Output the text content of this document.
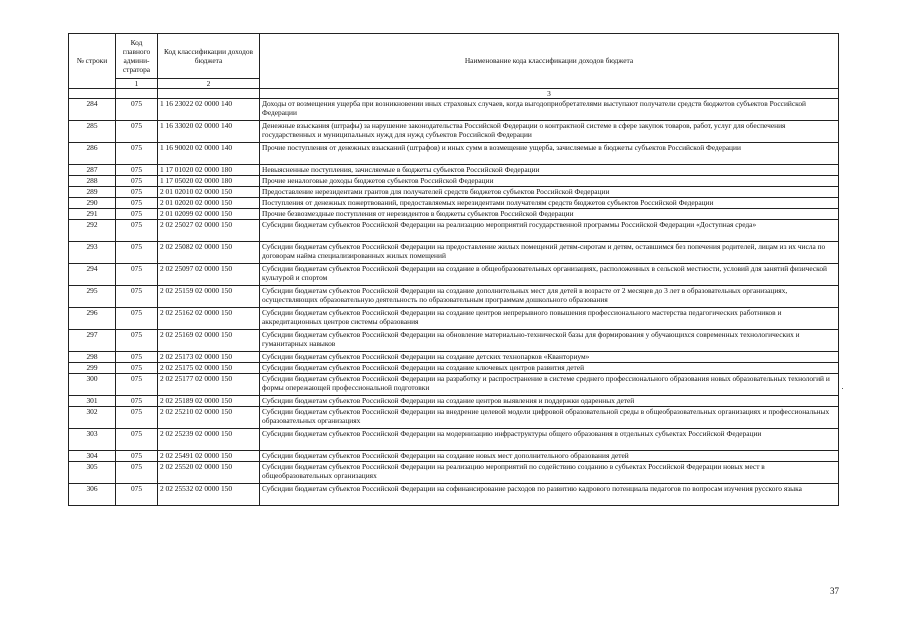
№ строки	Код главного админи-стратора	Код классификации доходов бюджета	Наименование кода классификации доходов бюджета
	1	2	
			3
284	075	1 16 23022 02 0000 140	Доходы от возмещения ущерба при возникновении иных страховых случаев, когда выгодоприобретателями выступают получатели средств бюджетов субъектов Российской Федерации
285	075	1 16 33020 02 0000 140	Денежные взыскания (штрафы) за нарушение законодательства Российской Федерации о контрактной системе в сфере закупок товаров, работ, услуг для обеспечения государственных и муниципальных нужд для нужд субъектов Российской Федерации
286	075	1 16 90020 02 0000 140	Прочие поступления от денежных взысканий (штрафов) и иных сумм в возмещение ущерба, зачисляемые в бюджеты субъектов Российской Федерации
287	075	1 17 01020 02 0000 180	Невыясненные поступления, зачисляемые в бюджеты субъектов Российской Федерации
288	075	1 17 05020 02 0000 180	Прочие неналоговые доходы бюджетов субъектов Российской Федерации
289	075	2 01 02010 02 0000 150	Предоставление нерезидентами грантов для получателей средств бюджетов субъектов Российской Федерации
290	075	2 01 02020 02 0000 150	Поступления от денежных пожертвований, предоставляемых нерезидентами получателям средств бюджетов субъектов Российской Федерации
291	075	2 01 02099 02 0000 150	Прочие безвозмездные поступления от нерезидентов в бюджеты субъектов Российской Федерации
292	075	2 02 25027 02 0000 150	Субсидии бюджетам субъектов Российской Федерации на реализацию мероприятий государственной программы Российской Федерации «Доступная среда»
293	075	2 02 25082 02 0000 150	Субсидии бюджетам субъектов Российской Федерации на предоставление жилых помещений детям-сиротам и детям, оставшимся без попечения родителей, лицам из их числа по договорам найма специализированных жилых помещений
294	075	2 02 25097 02 0000 150	Субсидии бюджетам субъектов Российской Федерации на создание в общеобразовательных организациях, расположенных в сельской местности, условий для занятий физической культурой и спортом
295	075	2 02 25159 02 0000 150	Субсидии бюджетам субъектов Российской Федерации на создание дополнительных мест для детей в возрасте от 2 месяцев до 3 лет в образовательных организациях, осуществляющих образовательную деятельность по образовательным программам дошкольного образования
296	075	2 02 25162 02 0000 150	Субсидии бюджетам субъектов Российской Федерации на создание центров непрерывного повышения профессионального мастерства педагогических работников и аккредитационных центров системы образования
297	075	2 02 25169 02 0000 150	Субсидии бюджетам субъектов Российской Федерации на обновление материально-технической базы для формирования у обучающихся современных технологических и гуманитарных навыков
298	075	2 02 25173 02 0000 150	Субсидии бюджетам субъектов Российской Федерации на создание детских технопарков «Кванториум»
299	075	2 02 25175 02 0000 150	Субсидии бюджетам субъектов Российской Федерации на создание ключевых центров развития детей
300	075	2 02 25177 02 0000 150	Субсидии бюджетам субъектов Российской Федерации на разработку и распространение в системе среднего профессионального образования новых образовательных технологий и формы опережающей профессиональной подготовки
301	075	2 02 25189 02 0000 150	Субсидии бюджетам субъектов Российской Федерации на создание центров выявления и поддержки одаренных детей
302	075	2 02 25210 02 0000 150	Субсидии бюджетам субъектов Российской Федерации на внедрение целевой модели цифровой образовательной среды в общеобразовательных организациях и профессиональных образовательных организациях
303	075	2 02 25239 02 0000 150	Субсидии бюджетам субъектов Российской Федерации на модернизацию инфраструктуры общего образования в отдельных субъектах Российской Федерации
304	075	2 02 25491 02 0000 150	Субсидии бюджетам субъектов Российской Федерации на создание новых мест дополнительного образования детей
305	075	2 02 25520 02 0000 150	Субсидии бюджетам субъектов Российской Федерации на реализацию мероприятий по содействию созданию в субъектах Российской Федерации новых мест в общеобразовательных организациях
306	075	2 02 25532 02 0000 150	Субсидии бюджетам субъектов Российской Федерации на софинансирование расходов по развитию кадрового потенциала педагогов по вопросам изучения русского языка
37
